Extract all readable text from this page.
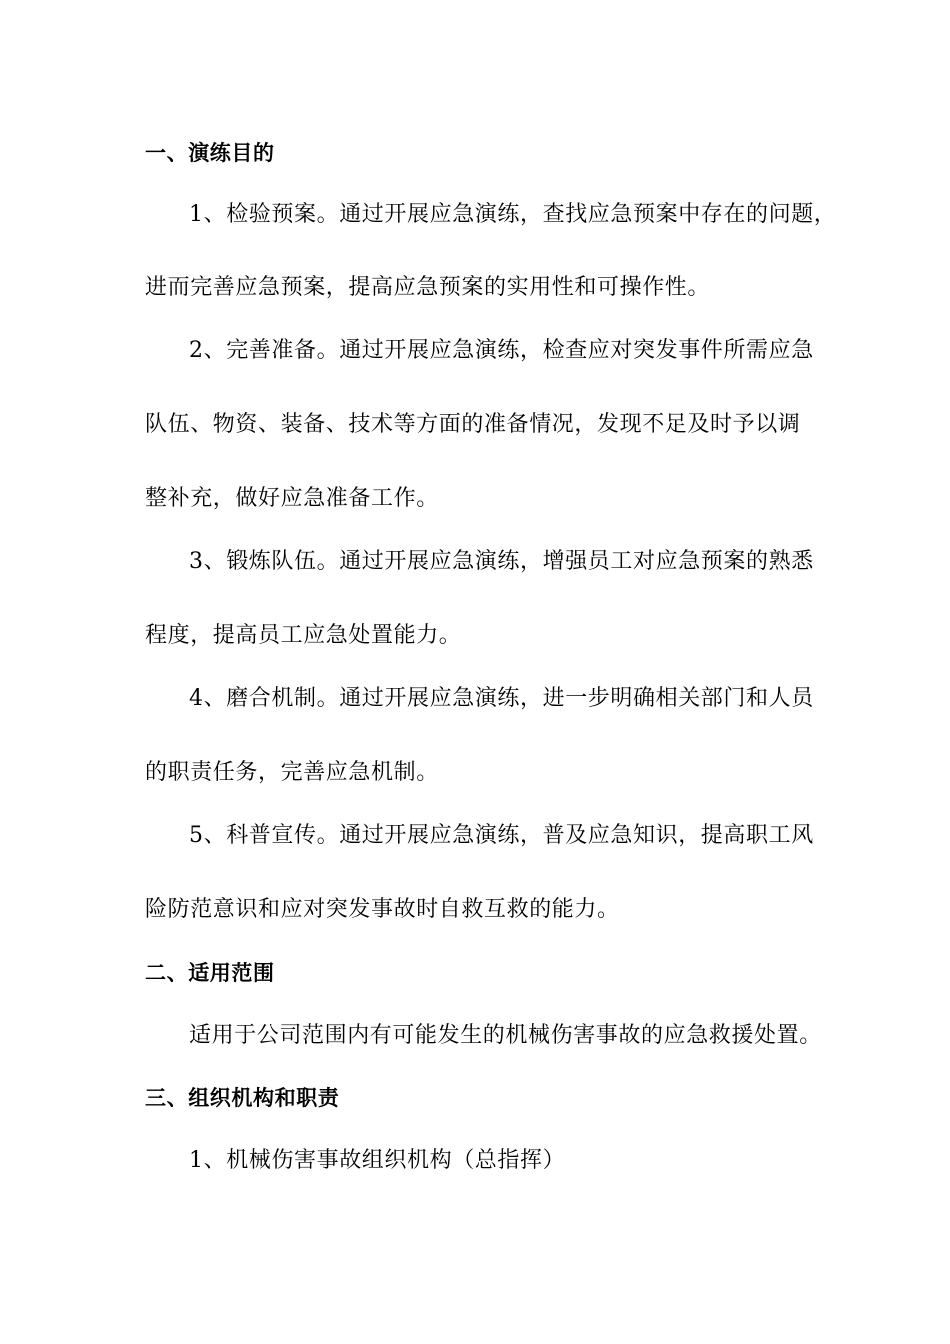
一、演练目的
1、检验预案。通过开展应急演练，查找应急预案中存在的问题，
进而完善应急预案，提高应急预案的实用性和可操作性。
2、完善准备。通过开展应急演练，检查应对突发事件所需应急
队伍、物资、装备、技术等方面的准备情况，发现不足及时予以调
整补充，做好应急准备工作。
3、锻炼队伍。通过开展应急演练，增强员工对应急预案的熟悉
程度，提高员工应急处置能力。
4、磨合机制。通过开展应急演练，进一步明确相关部门和人员
的职责任务，完善应急机制。
5、科普宣传。通过开展应急演练，普及应急知识，提高职工风
险防范意识和应对突发事故时自救互救的能力。
二、适用范围
适用于公司范围内有可能发生的机械伤害事故的应急救援处置。
三、组织机构和职责
1、机械伤害事故组织机构（总指挥）
